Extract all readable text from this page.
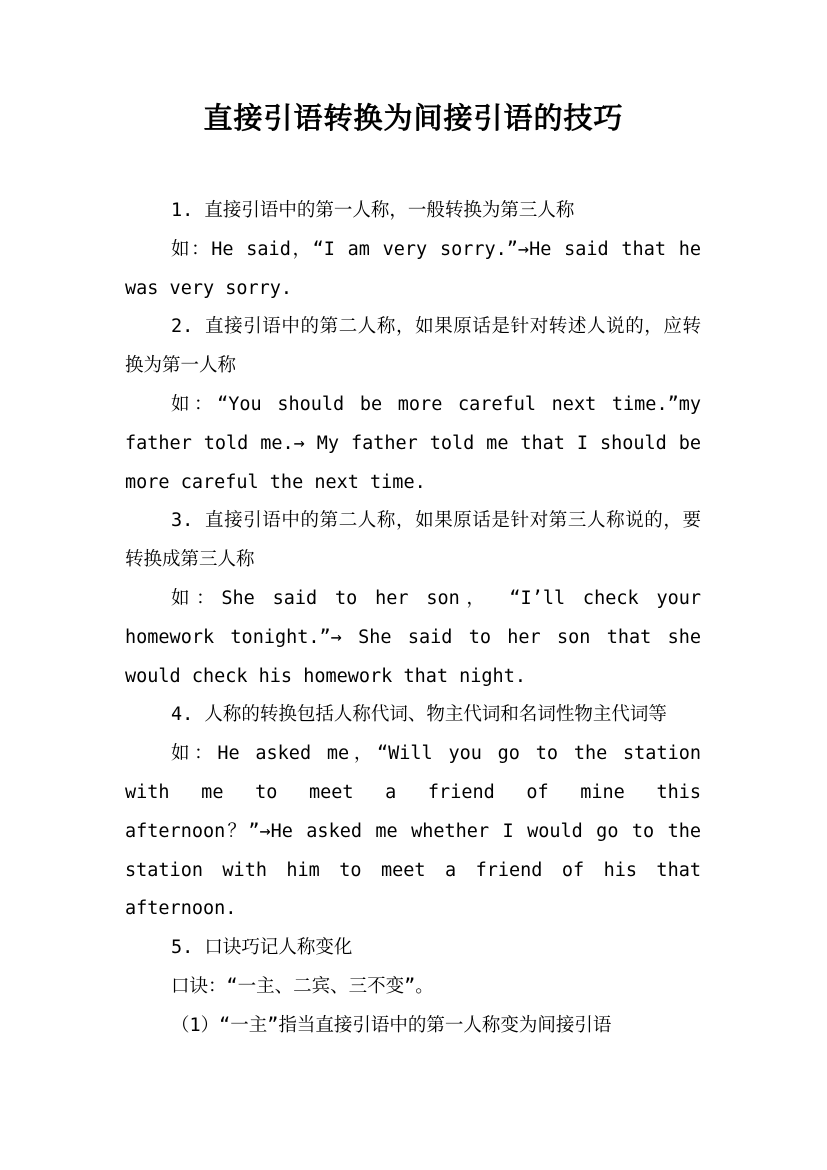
直接引语转换为间接引语的技巧

1. 直接引语中的第一人称，一般转换为第三人称

如：He said，“I am very sorry.”→He said that he was very sorry.

2. 直接引语中的第二人称，如果原话是针对转述人说的，应转换为第一人称

如：“You should be more careful next time.”my father told me.→ My father told me that I should be more careful the next time.

3. 直接引语中的第二人称，如果原话是针对第三人称说的，要转换成第三人称

如：She said to her son， “I’ll check your homework tonight.”→ She said to her son that she would check his homework that night.

4. 人称的转换包括人称代词、物主代词和名词性物主代词等

如：He asked me，“Will you go to the station with me to meet a friend of mine this afternoon？”→He asked me whether I would go to the station with him to meet a friend of his that afternoon.

5. 口诀巧记人称变化

口诀：“一主、二宾、三不变”。

（1）“一主”指当直接引语中的第一人称变为间接引语
